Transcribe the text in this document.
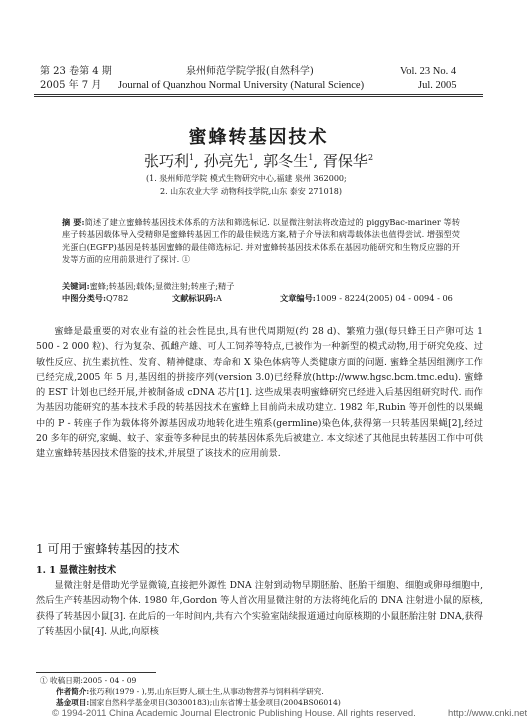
第 23 卷第 4 期	泉州师范学院学报(自然科学)	Vol. 23 No. 4
2005 年 7 月 Journal of Quanzhou Normal University (Natural Science)	Jul. 2005
蜜蜂转基因技术
张巧利$^1$, 孙亮先$^1$, 郭冬生$^1$, 胥保华$^2$
(1. 泉州师范学院 模式生物研究中心,福建 泉州 362000;
2. 山东农业大学 动物科技学院,山东 泰安 271018)
摘 要:简述了建立蜜蜂转基因技术体系的方法和筛选标记. 以显微注射法将改造过的 piggyBac-mariner 等转座子转基因载体导入受精卵是蜜蜂转基因工作的最佳候选方案,精子介导法和病毒载体法也值得尝试. 增强型荧光蛋白(EGFP)基因是转基因蜜蜂的最佳筛选标记. 并对蜜蜂转基因技术体系在基因功能研究和生物反应器的开发等方面的应用前景进行了探讨. ①
关键词:蜜蜂;转基因;载体;显微注射;转座子;精子
中图分类号:Q782	文献标识码:A	文章编号:1009 - 8224(2005) 04 - 0094 - 06

蜜蜂是最重要的对农业有益的社会性昆虫,具有世代周期短(约 28 d)、繁殖力强(每只蜂王日产卵可达 1 500 - 2 000 粒)、行为复杂、孤雌产雄、可人工饲养等特点,已被作为一种新型的模式动物,用于研究免疫、过敏性反应、抗生素抗性、发育、精神健康、寿命和 X 染色体病等人类健康方面的问题. 蜜蜂全基因组测序工作已经完成,2005 年 5 月,基因组的拼接序列(version 3.0)已经释放(http://www.hgsc.bcm.tmc.edu). 蜜蜂的 EST 计划也已经开展,并被制备成 cDNA 芯片[1]. 这些成果表明蜜蜂研究已经进入后基因组研究时代. 而作为基因功能研究的基本技术手段的转基因技术在蜜蜂上目前尚未成功建立. 1982 年,Rubin 等开创性的以果蝇中的 P - 转座子作为载体将外源基因成功地转化进生殖系(germline)染色体,获得第一只转基因果蝇[2],经过 20 多年的研究,家蝇、蚊子、家蚕等多种昆虫的转基因体系先后被建立. 本文综述了其他昆虫转基因工作中可供建立蜜蜂转基因技术借鉴的技术,并展望了该技术的应用前景.

1 可用于蜜蜂转基因的技术
1. 1 显微注射技术

显微注射是借助光学显微镜,直接把外源性 DNA 注射到动物早期胚胎、胚胎干细胞、细胞或卵母细胞中,然后生产转基因动物个体. 1980 年,Gordon 等人首次用显微注射的方法将纯化后的 DNA 注射进小鼠的原核,获得了转基因小鼠[3]. 在此后的一年时间内,共有六个实验室陆续报道通过向原核期的小鼠胚胎注射 DNA,获得了转基因小鼠[4]. 从此,向原核

① 收稿日期:2005 - 04 - 09
作者简介:张巧利(1979 - ),男,山东巨野人,硕士生,从事动物营养与饲料科学研究.
基金项目:国家自然科学基金项目(30300183);山东省博士基金项目(2004BS06014)
© 1994-2011 China Academic Journal Electronic Publishing House. All rights reserved.	http://www.cnki.net
